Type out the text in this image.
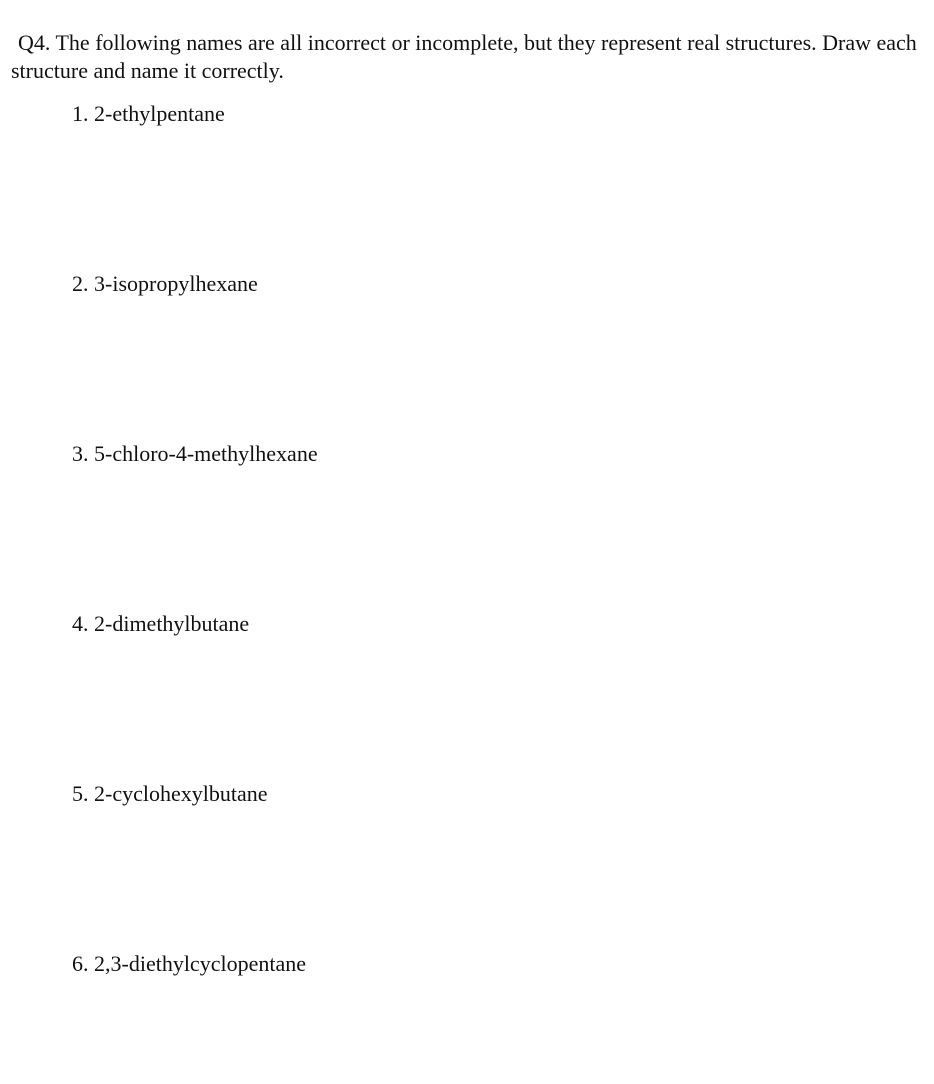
Q4. The following names are all incorrect or incomplete, but they represent real structures. Draw each structure and name it correctly.

1. 2-ethylpentane

2. 3-isopropylhexane

3. 5-chloro-4-methylhexane

4. 2-dimethylbutane

5. 2-cyclohexylbutane

6. 2,3-diethylcyclopentane
